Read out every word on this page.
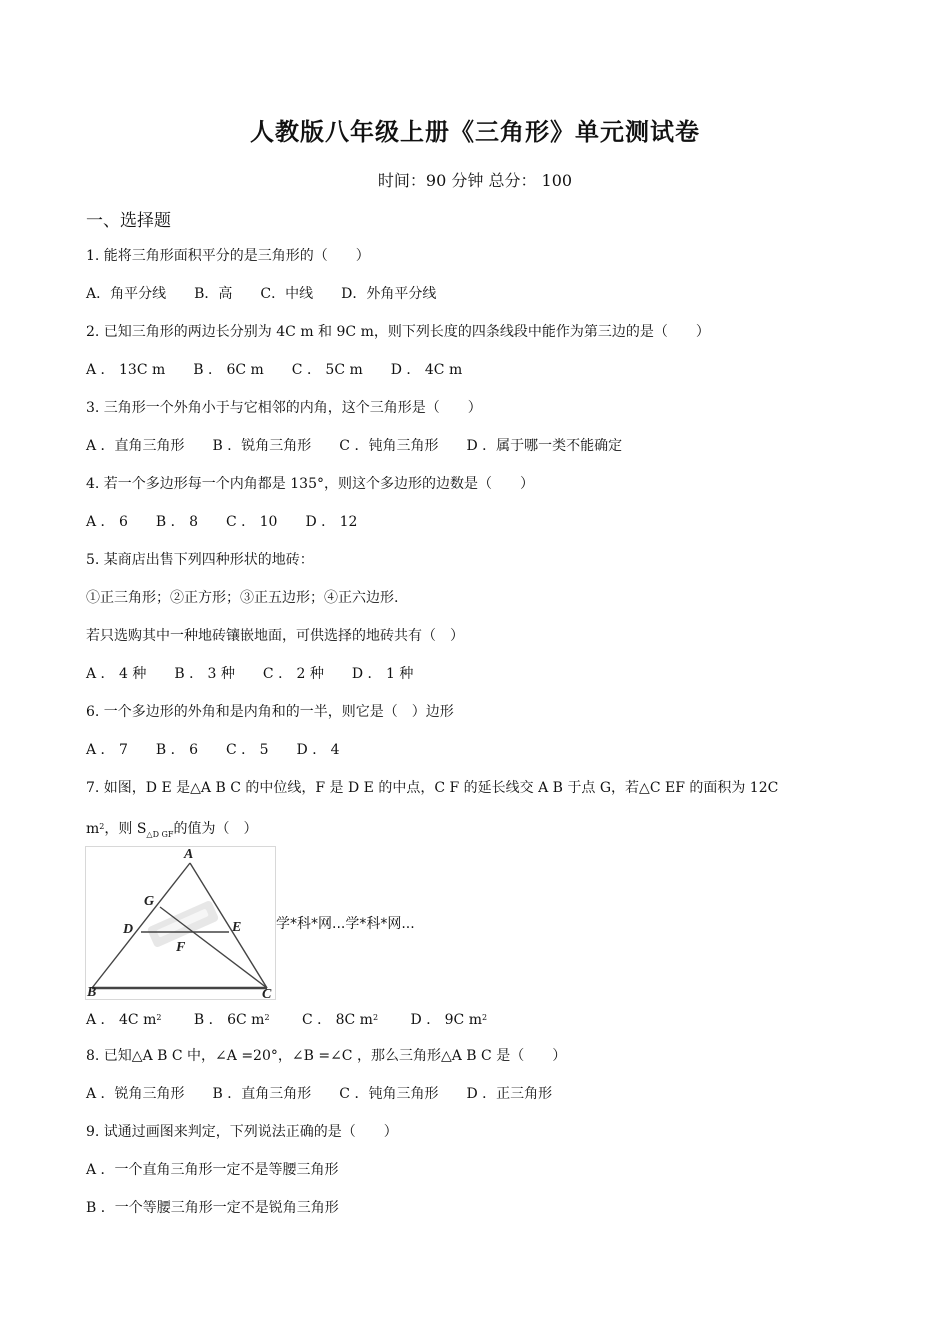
人教版八年级上册《三角形》单元测试卷
时间：90 分钟 总分： 100
一、选择题
1. 能将三角形面积平分的是三角形的（　　）
A．角平分线　　B．高　　C．中线　　D．外角平分线
2. 已知三角形的两边长分别为 4C m 和 9C m，则下列长度的四条线段中能作为第三边的是（　　）
A ． 13C m　　B ． 6C m　　C ． 5C m　　D ． 4C m
3. 三角形一个外角小于与它相邻的内角，这个三角形是（　　）
A ．直角三角形　　B ．锐角三角形　　C ．钝角三角形　　D ．属于哪一类不能确定
4. 若一个多边形每一个内角都是 135°，则这个多边形的边数是（　　）
A ． 6　　B ． 8　　C ． 10　　D ． 12
5. 某商店出售下列四种形状的地砖：
①正三角形；②正方形；③正五边形；④正六边形.
若只选购其中一种地砖镶嵌地面，可供选择的地砖共有（　）
A ． 4 种　　B ． 3 种　　C ． 2 种　　D ． 1 种
6. 一个多边形的外角和是内角和的一半，则它是（　）边形
A ． 7　　B ． 6　　C ． 5　　D ． 4
7. 如图，D E 是△A B C 的中位线，F 是 D E 的中点，C F 的延长线交 A B 于点 G，若△C EF 的面积为 12C
$m^2$，则 $S_{\triangle D GF}$的值为（　）
A
G
D	E
F
B	C
学*科*网...学*科*网...
A ． 4C $m^2$　　 B ． 6C $m^2$　　 C ． 8C $m^2$　　 D ． 9C $m^2$
8. 已知△A B C 中，∠A =20°，∠B =∠C ，那么三角形△A B C 是（　　）
A ．锐角三角形　　B ．直角三角形　　C ．钝角三角形　　D ．正三角形
9. 试通过画图来判定，下列说法正确的是（　　）
A ．一个直角三角形一定不是等腰三角形
B ．一个等腰三角形一定不是锐角三角形
